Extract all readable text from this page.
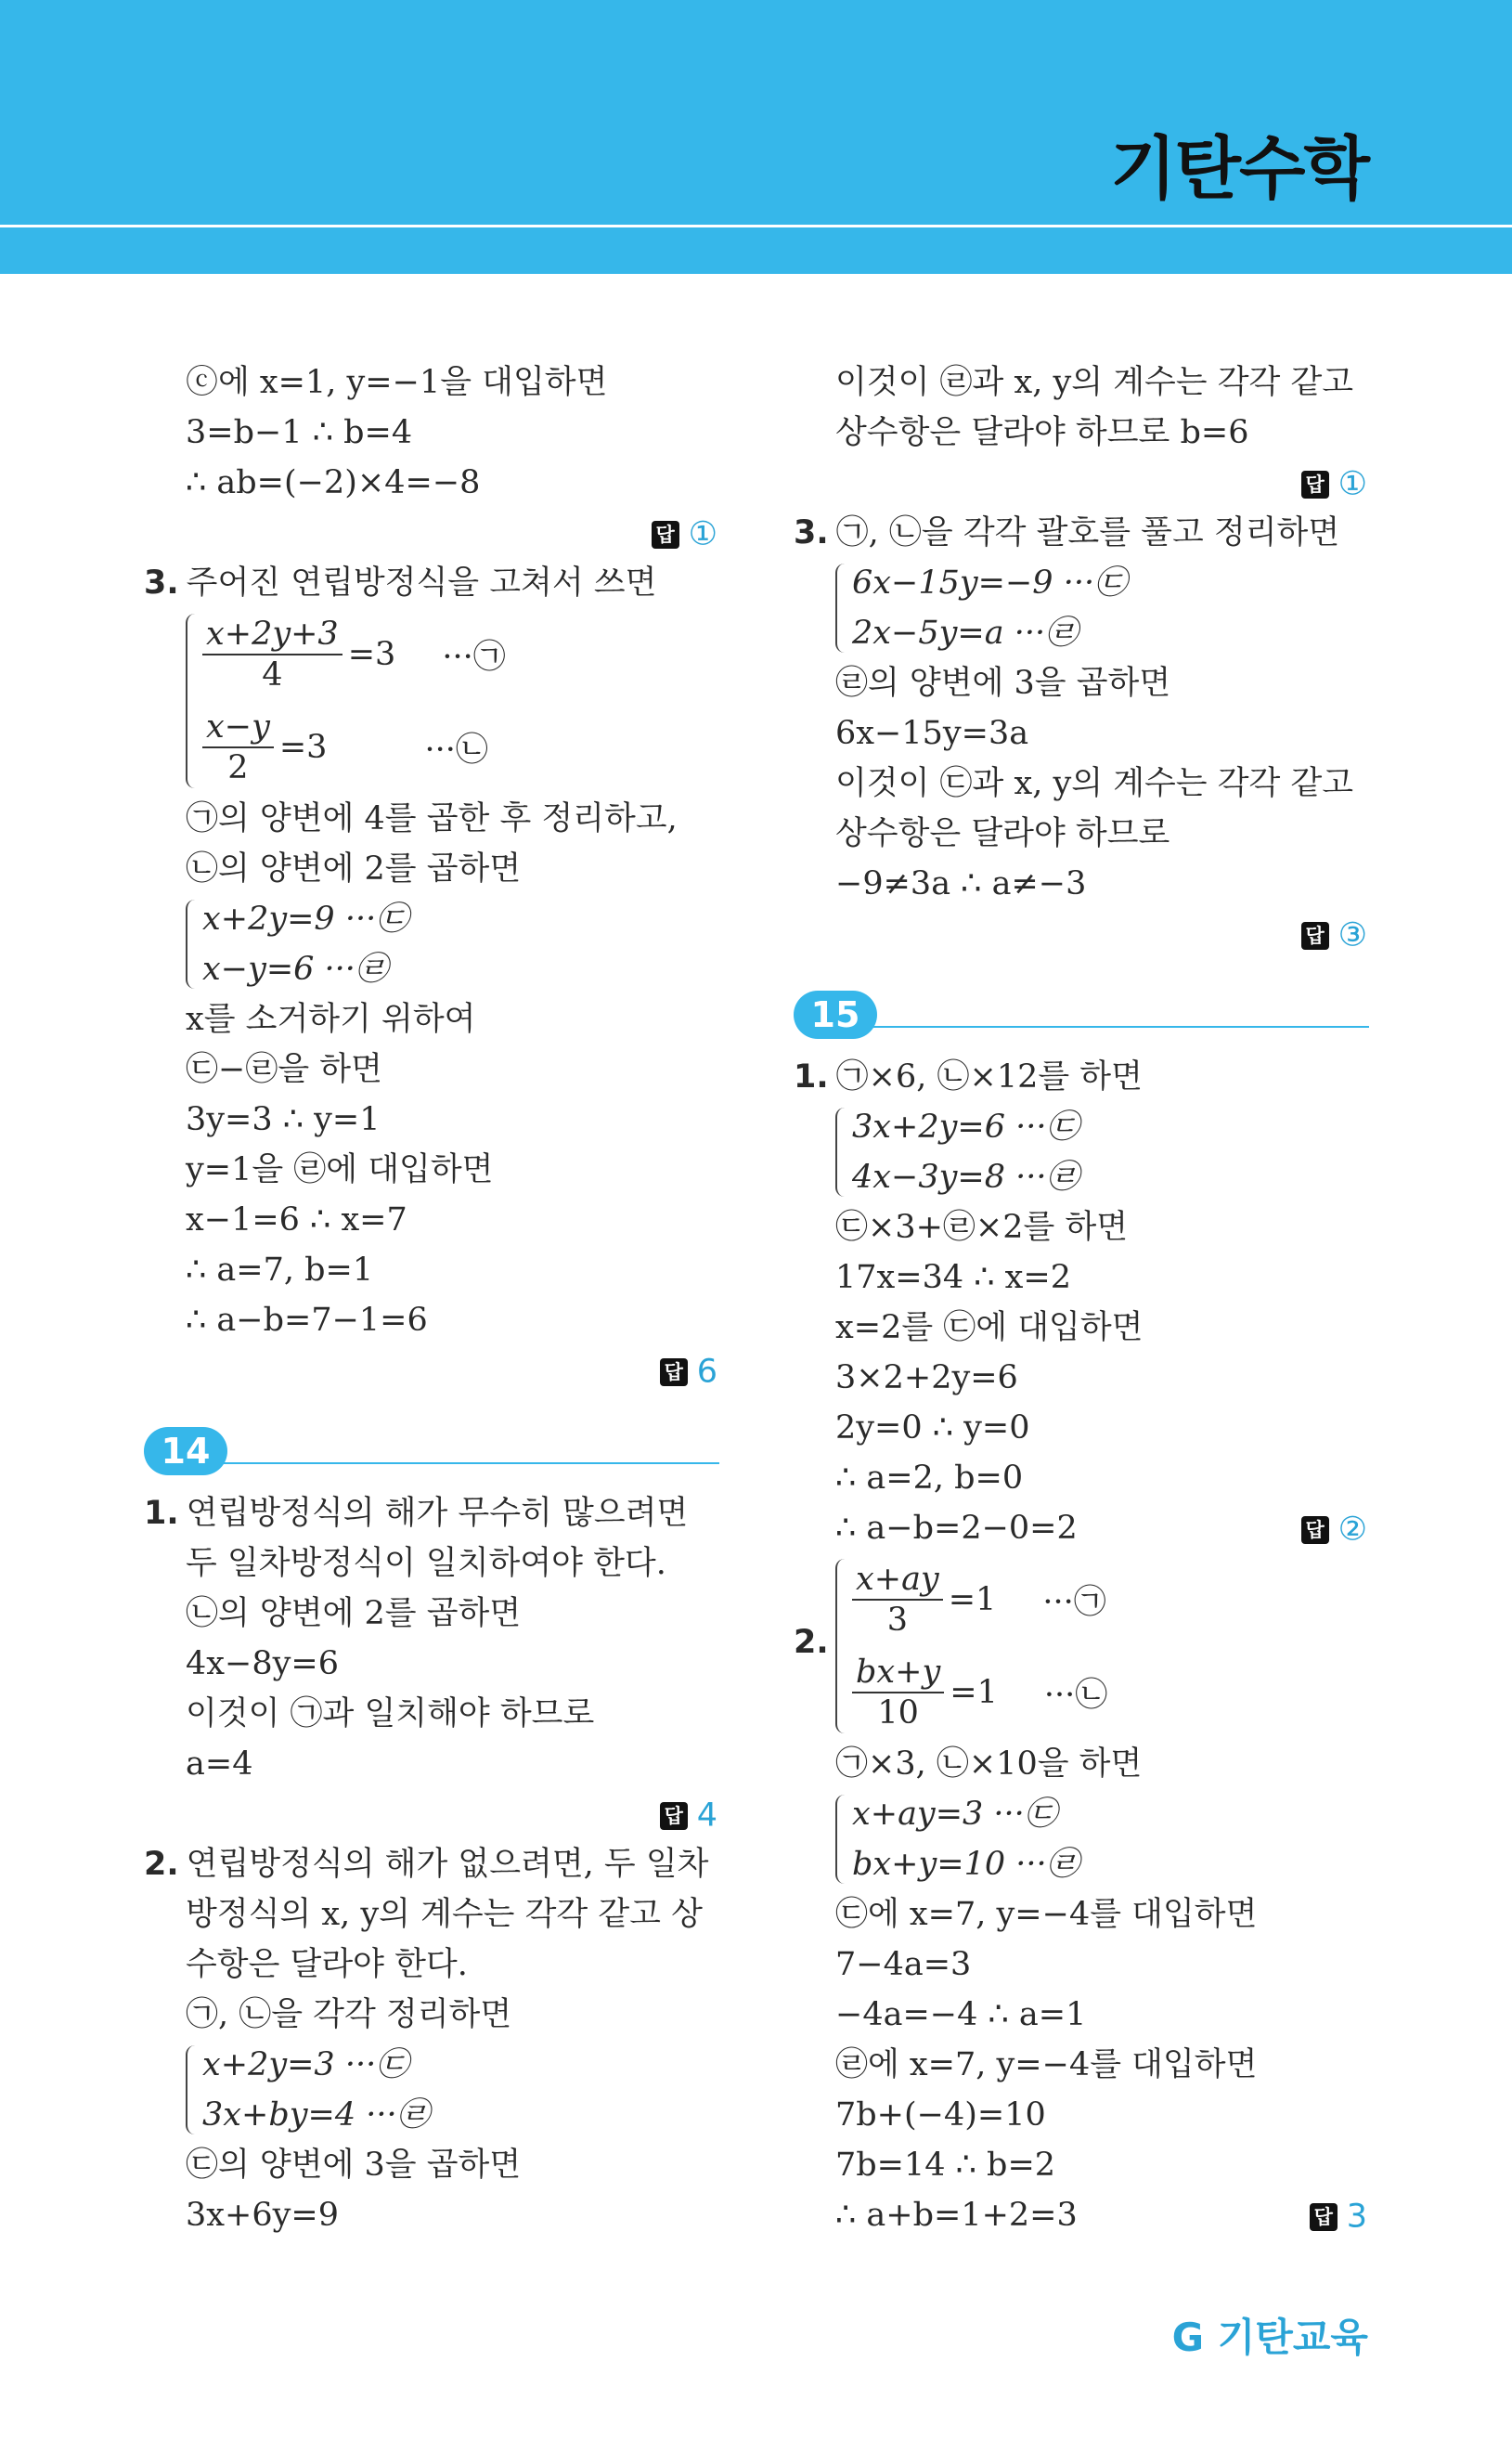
기탄수학
ⓒ에 x=1, y=−1을 대입하면
3=b−1 ∴ b=4
∴ ab=(−2)×4=−8
답 ①
3. 주어진 연립방정식을 고쳐서 쓰면
$\frac{x+2y+3}{4} =3$ ···㉠
$\frac{x-y}{2} =3$	···㉡
㉠의 양변에 4를 곱한 후 정리하고,
㉡의 양변에 2를 곱하면
x+2y=9 ···㉢
x−y=6 ···㉣
x를 소거하기 위하여
㉢−㉣을 하면
3y=3 ∴ y=1
y=1을 ㉣에 대입하면
x−1=6 ∴ x=7
∴ a=7, b=1
∴ a−b=7−1=6
답 6
14
1. 연립방정식의 해가 무수히 많으려면
두 일차방정식이 일치하여야 한다.
㉡의 양변에 2를 곱하면
4x−8y=6
이것이 ㉠과 일치해야 하므로
a=4
답 4
2. 연립방정식의 해가 없으려면, 두 일차
방정식의 x, y의 계수는 각각 같고 상
수항은 달라야 한다.
㉠, ㉡을 각각 정리하면
x+2y=3 ···㉢
3x+by=4 ···㉣
㉢의 양변에 3을 곱하면
3x+6y=9
이것이 ㉣과 x, y의 계수는 각각 같고
상수항은 달라야 하므로 b=6
답 ①
3. ㉠, ㉡을 각각 괄호를 풀고 정리하면
6x−15y=−9 ···㉢
2x−5y=a ···㉣
㉣의 양변에 3을 곱하면
6x−15y=3a
이것이 ㉢과 x, y의 계수는 각각 같고
상수항은 달라야 하므로
−9≠3a ∴ a≠−3
답 ③
15
1. ㉠×6, ㉡×12를 하면
3x+2y=6 ···㉢
4x−3y=8 ···㉣
㉢×3+㉣×2를 하면
17x=34 ∴ x=2
x=2를 ㉢에 대입하면
3×2+2y=6
2y=0 ∴ y=0
∴ a=2, b=0
∴ a−b=2−0=2	답 ②
2.
$\frac{x+ay}{3} =1$ ···㉠
$\frac{bx+y}{10} =1$ ···㉡
㉠×3, ㉡×10을 하면
x+ay=3 ···㉢
bx+y=10 ···㉣
㉢에 x=7, y=−4를 대입하면
7−4a=3
−4a=−4 ∴ a=1
㉣에 x=7, y=−4를 대입하면
7b+(−4)=10
7b=14 ∴ b=2
∴ a+b=1+2=3	답 3
G 기탄교육
